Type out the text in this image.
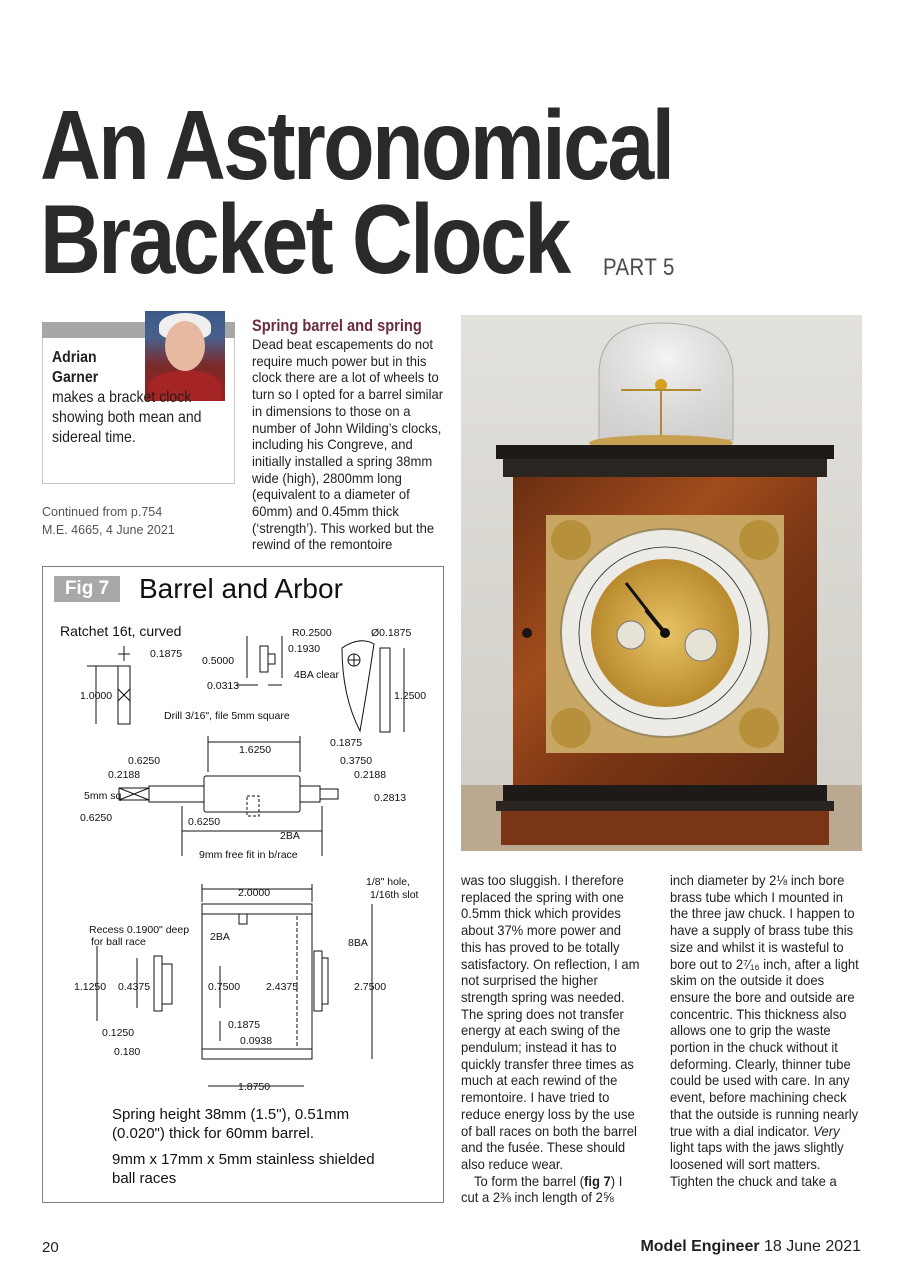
An Astronomical
Bracket Clock PART 5
Adrian
Garner
makes a bracket clock showing both mean and sidereal time.
Continued from p.754
M.E. 4665, 4 June 2021
Spring barrel and spring

Dead beat escapements do not require much power but in this clock there are a lot of wheels to turn so I opted for a barrel similar in dimensions to those on a number of John Wilding’s clocks, including his Congreve, and initially installed a spring 38mm wide (high), 2800mm long (equivalent to a diameter of 60mm) and 0.45mm thick (‘strength’). This worked but the rewind of the remontoire

was too sluggish. I therefore replaced the spring with one 0.5mm thick which provides about 37% more power and this has proved to be totally satisfactory. On reflection, I am not surprised the higher strength spring was needed. The spring does not transfer energy at each swing of the pendulum; instead it has to quickly transfer three times as much at each rewind of the remontoire. I have tried to reduce energy loss by the use of ball races on both the barrel and the fusée. These should also reduce wear.

To form the barrel (fig 7) I cut a 2⅜ inch length of 2⅝

inch diameter by 2⅛ inch bore brass tube which I mounted in the three jaw chuck. I happen to have a supply of brass tube this size and whilst it is wasteful to bore out to 2⁷⁄₁₆ inch, after a light skim on the outside it does ensure the bore and outside are concentric. This thickness also allows one to grip the waste portion in the chuck without it deforming. Clearly, thinner tube could be used with care. In any event, before machining check that the outside is running nearly true with a dial indicator. Very light taps with the jaws slightly loosened will sort matters. Tighten the chuck and take a

Fig 7	Barrel and Arbor
Ratchet 16t, curved
0.1875
0.5000
0.0313
R0.2500
0.1930
Ø0.1875
4BA clear
1.0000	1.2500
Drill 3/16", file 5mm square
1.6250
0.1875
0.6250	0.3750
0.2188	0.2188
5mm sq.	0.2813
0.6250	0.6250
2BA
9mm free fit in b/race
2.0000
1/8" hole,
1/16th slot
Recess 0.1900" deep
for ball race	2BA	8BA
1.1250 0.4375	0.7500 2.4375	2.7500
0.1250
0.1875
0.0938
0.180
1.8750
Spring height 38mm (1.5"), 0.51mm
(0.020") thick for 60mm barrel.
9mm x 17mm x 5mm stainless shielded
ball races
20	Model Engineer 18 June 2021
